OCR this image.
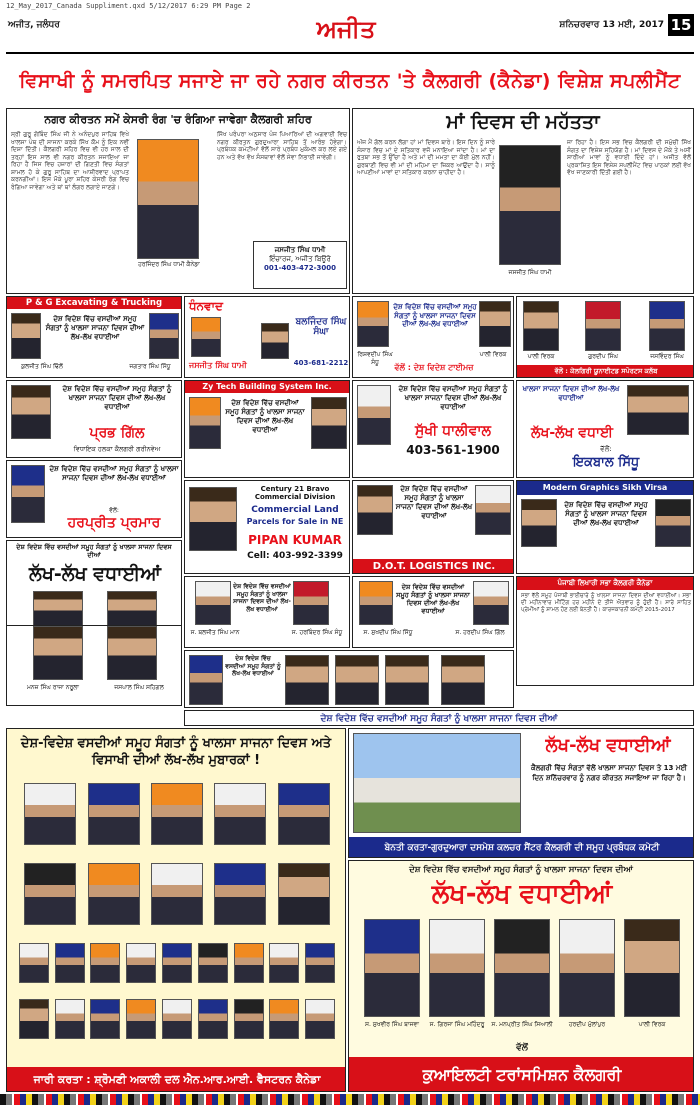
12_May_2017_Canada Suppliment.qxd 5/12/2017 6:29 PM Page 2
ਅਜੀਤ, ਜਲੰਧਰ	ਅਜੀਤ	ਸ਼ਨਿਚਰਵਾਰ 13 ਮਈ, 2017 15
ਵਿਸਾਖੀ ਨੂੰ ਸਮਰਪਿਤ ਸਜਾਏ ਜਾ ਰਹੇ ਨਗਰ ਕੀਰਤਨ 'ਤੇ ਕੈਲਗਰੀ (ਕੈਨੇਡਾ) ਵਿਸ਼ੇਸ਼ ਸਪਲੀਮੈਂਟ
ਨਗਰ ਕੀਰਤਨ ਸਮੇਂ ਕੇਸਰੀ ਰੰਗ 'ਚ ਰੰਗਿਆ ਜਾਵੇਗਾ ਕੈਲਗਰੀ ਸ਼ਹਿਰ
ਸ੍ਰੀ ਗੁਰੂ ਗੋਬਿੰਦ ਸਿੰਘ ਜੀ ਨੇ ਅਨੰਦਪੁਰ ਸਾਹਿਬ ਵਿਖੇ ਖਾਲਸਾ ਪੰਥ ਦੀ ਸਾਜਨਾ ਕਰਕੇ ਸਿੱਖ ਕੌਮ ਨੂੰ ਇਕ ਨਵੀਂ ਦਿਸ਼ਾ ਦਿੱਤੀ। ਕੈਲਗਰੀ ਸ਼ਹਿਰ ਵਿਚ ਵੀ ਹਰ ਸਾਲ ਦੀ ਤਰ੍ਹਾਂ ਇਸ ਸਾਲ ਵੀ ਨਗਰ ਕੀਰਤਨ ਸਜਾਇਆ ਜਾ ਰਿਹਾ ਹੈ ਜਿਸ ਵਿਚ ਹਜ਼ਾਰਾਂ ਦੀ ਗਿਣਤੀ ਵਿਚ ਸੰਗਤਾਂ ਸ਼ਾਮਲ ਹੋ ਕੇ ਗੁਰੂ ਸਾਹਿਬ ਦਾ ਆਸ਼ੀਰਵਾਦ ਪ੍ਰਾਪਤ ਕਰਨਗੀਆਂ। ਇਸ ਮੌਕੇ ਪੂਰਾ ਸ਼ਹਿਰ ਕੇਸਰੀ ਰੰਗ ਵਿਚ ਰੰਗਿਆ ਜਾਵੇਗਾ ਅਤੇ ਥਾਂ ਥਾਂ ਲੰਗਰ ਲਗਾਏ ਜਾਣਗੇ।
ਹਰਜਿੰਦਰ ਸਿੰਘ ਧਾਮੀ ਕੈਨੇਡਾ
ਸਿੱਖ ਪਰੰਪਰਾ ਅਨੁਸਾਰ ਪੰਜ ਪਿਆਰਿਆਂ ਦੀ ਅਗਵਾਈ ਵਿਚ ਨਗਰ ਕੀਰਤਨ ਗੁਰਦੁਆਰਾ ਸਾਹਿਬ ਤੋਂ ਆਰੰਭ ਹੋਵੇਗਾ। ਪ੍ਰਬੰਧਕ ਕਮੇਟੀਆਂ ਵੱਲੋਂ ਸਾਰੇ ਪ੍ਰਬੰਧ ਮੁਕੰਮਲ ਕਰ ਲਏ ਗਏ ਹਨ ਅਤੇ ਵੱਖ ਵੱਖ ਸੰਸਥਾਵਾਂ ਵੱਲੋਂ ਸੇਵਾ ਨਿਭਾਈ ਜਾਵੇਗੀ।
ਜਸਜੀਤ ਸਿੰਘ ਧਾਮੀ
ਇੰਚਾਰਜ, ਅਜੀਤ ਬਿਊਰੋ
001-403-472-3000
ਮਾਂ ਦਿਵਸ ਦੀ ਮਹੱਤਤਾ
ਅੱਜ ਮੈਂ ਗੱਲ ਕਰਨ ਲੱਗਾ ਹਾਂ ਮਾਂ ਦਿਵਸ ਬਾਰੇ। ਇਸ ਦਿਨ ਨੂੰ ਸਾਰੇ ਸੰਸਾਰ ਵਿਚ ਮਾਂ ਦੇ ਸਤਿਕਾਰ ਵਜੋਂ ਮਨਾਇਆ ਜਾਂਦਾ ਹੈ। ਮਾਂ ਦਾ ਰੁਤਬਾ ਸਭ ਤੋਂ ਉੱਚਾ ਹੈ ਅਤੇ ਮਾਂ ਦੀ ਮਮਤਾ ਦਾ ਕੋਈ ਮੁੱਲ ਨਹੀਂ। ਗੁਰਬਾਣੀ ਵਿਚ ਵੀ ਮਾਂ ਦੀ ਮਹਿਮਾ ਦਾ ਜ਼ਿਕਰ ਆਉਂਦਾ ਹੈ। ਸਾਨੂੰ ਆਪਣੀਆਂ ਮਾਵਾਂ ਦਾ ਸਤਿਕਾਰ ਕਰਨਾ ਚਾਹੀਦਾ ਹੈ।
ਜਸਜੀਤ ਸਿੰਘ ਧਾਮੀ
ਜਾ ਰਿਹਾ ਹੈ। ਇਸ ਸਭ ਵਿਚ ਕੈਲਗਰੀ ਦੀ ਸਮੁੱਚੀ ਸਿੱਖ ਸੰਗਤ ਦਾ ਵਿਸ਼ੇਸ਼ ਸਹਿਯੋਗ ਹੈ। ਮਾਂ ਦਿਵਸ ਦੇ ਮੌਕੇ ਤੇ ਅਸੀਂ ਸਾਰੀਆਂ ਮਾਵਾਂ ਨੂੰ ਵਧਾਈ ਦਿੰਦੇ ਹਾਂ। ਅਜੀਤ ਵੱਲੋਂ ਪ੍ਰਕਾਸ਼ਿਤ ਇਸ ਵਿਸ਼ੇਸ਼ ਸਪਲੀਮੈਂਟ ਵਿਚ ਪਾਠਕਾਂ ਲਈ ਵੱਖ ਵੱਖ ਜਾਣਕਾਰੀ ਦਿੱਤੀ ਗਈ ਹੈ।
P & G Excavating & Trucking
ਦੇਸ਼ ਵਿਦੇਸ਼ ਵਿੱਚ ਵਸਦੀਆਂ ਸਮੂਹ ਸੰਗਤਾਂ ਨੂੰ ਖਾਲਸਾ ਸਾਜਨਾ ਦਿਵਸ ਦੀਆਂ ਲੱਖ-ਲੱਖ ਵਧਾਈਆਂ
ਕੁਲਜੀਤ ਸਿੰਘ ਢਿੱਲੋਂ	ਜਗਤਾਰ ਸਿੰਘ ਸਿੱਧੂ
ਧੰਨਵਾਦ
ਜਸਜੀਤ ਸਿੰਘ ਧਾਮੀ
ਬਲਜਿੰਦਰ ਸਿੰਘ ਸੰਘਾ
403-681-2212
ਦੇਸ਼ ਵਿਦੇਸ਼ ਵਿੱਚ ਵਸਦੀਆਂ ਸਮੂਹ ਸੰਗਤਾਂ ਨੂੰ ਖਾਲਸਾ ਸਾਜਨਾ ਦਿਵਸ ਦੀਆਂ ਲੱਖ-ਲੱਖ ਵਧਾਈਆਂ
ਰਿਸ਼ਵਦੀਪ ਸਿੰਘ ਸੰਧੂ
ਪਾਲੀ ਵਿਰਕ
ਵੱਲੋਂ : ਦੇਸ਼ ਵਿਦੇਸ਼ ਟਾਈਮਜ਼
ਪਾਲੀ ਵਿਰਕ	ਗੁਰਦੀਪ ਸਿੰਘ	ਜਸਵਿੰਦਰ ਸਿੰਘ
ਵੱਲੋਂ : ਕੇਲਗਿਰੀ ਯੂਨਾਈਟਡ ਸਪੋਰਟਸ ਕਲੱਬ
ਦੇਸ਼ ਵਿਦੇਸ਼ ਵਿੱਚ ਵਸਦੀਆਂ ਸਮੂਹ ਸੰਗਤਾਂ ਨੂੰ ਖਾਲਸਾ ਸਾਜਨਾ ਦਿਵਸ ਦੀਆਂ ਲੱਖ-ਲੱਖ ਵਧਾਈਆਂ
ਪ੍ਰਭ ਗਿੱਲ
ਵਿਧਾਇਕ ਹਲਕਾ ਕੈਲਗਰੀ ਗਰੀਨਵੇਅ
Zy Tech Building System Inc.
ਦੇਸ਼ ਵਿਦੇਸ਼ ਵਿੱਚ ਵਸਦੀਆਂ ਸਮੂਹ ਸੰਗਤਾਂ ਨੂੰ ਖਾਲਸਾ ਸਾਜਨਾ ਦਿਵਸ ਦੀਆਂ ਲੱਖ-ਲੱਖ ਵਧਾਈਆਂ
ਦੇਸ਼ ਵਿਦੇਸ਼ ਵਿੱਚ ਵਸਦੀਆਂ ਸਮੂਹ ਸੰਗਤਾਂ ਨੂੰ ਖਾਲਸਾ ਸਾਜਨਾ ਦਿਵਸ ਦੀਆਂ ਲੱਖ-ਲੱਖ ਵਧਾਈਆਂ
ਸੁੱਖੀ ਧਾਲੀਵਾਲ
403-561-1900
ਖਾਲਸਾ ਸਾਜਨਾ ਦਿਵਸ ਦੀਆਂ ਲੱਖ-ਲੱਖ ਵਧਾਈਆਂ
ਲੱਖ-ਲੱਖ ਵਧਾਈ
ਵੱਲੋਂ:
ਇਕਬਾਲ ਸਿੱਧੂ
ਦੇਸ਼ ਵਿਦੇਸ਼ ਵਿੱਚ ਵਸਦੀਆਂ ਸਮੂਹ ਸੰਗਤਾਂ ਨੂੰ ਖਾਲਸਾ ਸਾਜਨਾ ਦਿਵਸ ਦੀਆਂ ਲੱਖ-ਲੱਖ ਵਧਾਈਆਂ
ਵੱਲੋਂ:
ਹਰਪ੍ਰੀਤ ਪ੍ਰਮਾਰ
Century 21 Bravo Commercial Division
Commercial Land
Parcels for Sale in NE
PIPAN KUMAR
Cell: 403-992-3399
ਦੇਸ਼ ਵਿਦੇਸ਼ ਵਿੱਚ ਵਸਦੀਆਂ ਸਮੂਹ ਸੰਗਤਾਂ ਨੂੰ ਖਾਲਸਾ ਸਾਜਨਾ ਦਿਵਸ ਦੀਆਂ ਲੱਖ-ਲੱਖ ਵਧਾਈਆਂ
D.O.T. LOGISTICS INC.
Modern Graphics Sikh Virsa
ਦੇਸ਼ ਵਿਦੇਸ਼ ਵਿੱਚ ਵਸਦੀਆਂ ਸਮੂਹ ਸੰਗਤਾਂ ਨੂੰ ਖਾਲਸਾ ਸਾਜਨਾ ਦਿਵਸ ਦੀਆਂ ਲੱਖ-ਲੱਖ ਵਧਾਈਆਂ
ਦੇਸ਼ ਵਿਦੇਸ਼ ਵਿੱਚ ਵਸਦੀਆਂ ਸਮੂਹ ਸੰਗਤਾਂ ਨੂੰ ਖਾਲਸਾ ਸਾਜਨਾ ਦਿਵਸ ਦੀਆਂ
ਲੱਖ-ਲੱਖ ਵਧਾਈਆਂ
ਮਨਜ਼ ਸਿੰਘ ਰਾਜਾ ਨਰੂਲਾ	ਜਸਪਾਲ ਸਿੰਘ ਸਹਿਗਲ
ਦੇਸ਼ ਵਿਦੇਸ਼ ਵਿੱਚ ਵਸਦੀਆਂ ਸਮੂਹ ਸੰਗਤਾਂ ਨੂੰ ਖਾਲਸਾ ਸਾਜਨਾ ਦਿਵਸ ਦੀਆਂ ਲੱਖ-ਲੱਖ ਵਧਾਈਆਂ
ਸ. ਬਲਜੀਤ ਸਿੰਘ ਮਾਨ	ਸ. ਹਰਬਿੰਦਰ ਸਿੰਘ ਸੰਧੂ
ਦੇਸ਼ ਵਿਦੇਸ਼ ਵਿੱਚ ਵਸਦੀਆਂ ਸਮੂਹ ਸੰਗਤਾਂ ਨੂੰ ਖਾਲਸਾ ਸਾਜਨਾ ਦਿਵਸ ਦੀਆਂ ਲੱਖ-ਲੱਖ ਵਧਾਈਆਂ
ਸ. ਸੁਖਦੀਪ ਸਿੰਘ ਸਿੱਧੂ	ਸ. ਹਰਦੀਪ ਸਿੰਘ ਗਿੱਲ
ਪੰਜਾਬੀ ਲਿਖਾਰੀ ਸਭਾ ਕੈਲਗਰੀ ਕੈਨੇਡਾ
ਸਭਾ ਵੱਲੋਂ ਸਮੂਹ ਪੰਜਾਬੀ ਭਾਈਚਾਰੇ ਨੂੰ ਖਾਲਸਾ ਸਾਜਨਾ ਦਿਵਸ ਦੀਆਂ ਵਧਾਈਆਂ। ਸਭਾ ਦੀ ਮਹੀਨਾਵਾਰ ਮੀਟਿੰਗ ਹਰ ਮਹੀਨੇ ਦੇ ਤੀਜੇ ਐਤਵਾਰ ਨੂੰ ਹੁੰਦੀ ਹੈ। ਸਾਰੇ ਸਾਹਿਤ ਪ੍ਰੇਮੀਆਂ ਨੂੰ ਸ਼ਾਮਲ ਹੋਣ ਲਈ ਬੇਨਤੀ ਹੈ। ਕਾਰਜਕਾਰਨੀ ਕਮੇਟੀ 2015-2017
ਦੇਸ਼ ਵਿਦੇਸ਼ ਵਿੱਚ ਵਸਦੀਆਂ ਸਮੂਹ ਸੰਗਤਾਂ ਨੂੰ ਲੱਖ-ਲੱਖ ਵਧਾਈਆਂ
ਦੇਸ਼ ਵਿਦੇਸ਼ ਵਿੱਚ ਵਸਦੀਆਂ ਸਮੂਹ ਸੰਗਤਾਂ ਨੂੰ ਖਾਲਸਾ ਸਾਜਨਾ ਦਿਵਸ ਦੀਆਂ
ਦੇਸ਼-ਵਿਦੇਸ਼ ਵਸਦੀਆਂ ਸਮੂਹ ਸੰਗਤਾਂ ਨੂੰ ਖਾਲਸਾ ਸਾਜਨਾ ਦਿਵਸ ਅਤੇ ਵਿਸਾਖੀ ਦੀਆਂ ਲੱਖ-ਲੱਖ ਮੁਬਾਰਕਾਂ !
ਜਾਰੀ ਕਰਤਾ : ਸ਼੍ਰੋਮਣੀ ਅਕਾਲੀ ਦਲ ਐਨ.ਆਰ.ਆਈ. ਵੈਸਟਰਨ ਕੈਨੇਡਾ
ਲੱਖ-ਲੱਖ ਵਧਾਈਆਂ
ਕੈਲਗਰੀ ਵਿੱਚ ਸੰਗਤਾਂ ਵੱਲੋਂ ਖਾਲਸਾ ਸਾਜਨਾ ਦਿਵਸ ਤੇ 13 ਮਈ ਦਿਨ ਸ਼ਨਿੱਚਰਵਾਰ ਨੂੰ ਨਗਰ ਕੀਰਤਨ ਸਜਾਇਆ ਜਾ ਰਿਹਾ ਹੈ।
ਬੇਨਤੀ ਕਰਤਾ-ਗੁਰਦੁਆਰਾ ਦਸਮੇਸ਼ ਕਲਚਰ ਸੈਂਟਰ ਕੈਲਗਰੀ ਦੀ ਸਮੂਹ ਪ੍ਰਬੰਧਕ ਕਮੇਟੀ
ਦੇਸ਼ ਵਿਦੇਸ਼ ਵਿੱਚ ਵਸਦੀਆਂ ਸਮੂਹ ਸੰਗਤਾਂ ਨੂੰ ਖਾਲਸਾ ਸਾਜਨਾ ਦਿਵਸ ਦੀਆਂ
ਲੱਖ-ਲੱਖ ਵਧਾਈਆਂ
ਸ. ਸੁਖਵੀਰ ਸਿੰਘ ਬਾਜਵਾ	ਸ. ਗਿਰਜਾ ਸਿੰਘ ਮਹਿੰਦਰੂ	ਸ. ਮਨਪ੍ਰੀਤ ਸਿੰਘ ਸਿਆਲੀ	ਹਰਦੀਪ ਮੁੱਲਾਂਪੁਰ	ਪਾਲੀ ਵਿਰਕ
ਵੱਲੋਂ
ਕੁਆਇਲਟੀ ਟਰਾਂਸਮਿਸ਼ਨ ਕੈਲਗਰੀ
